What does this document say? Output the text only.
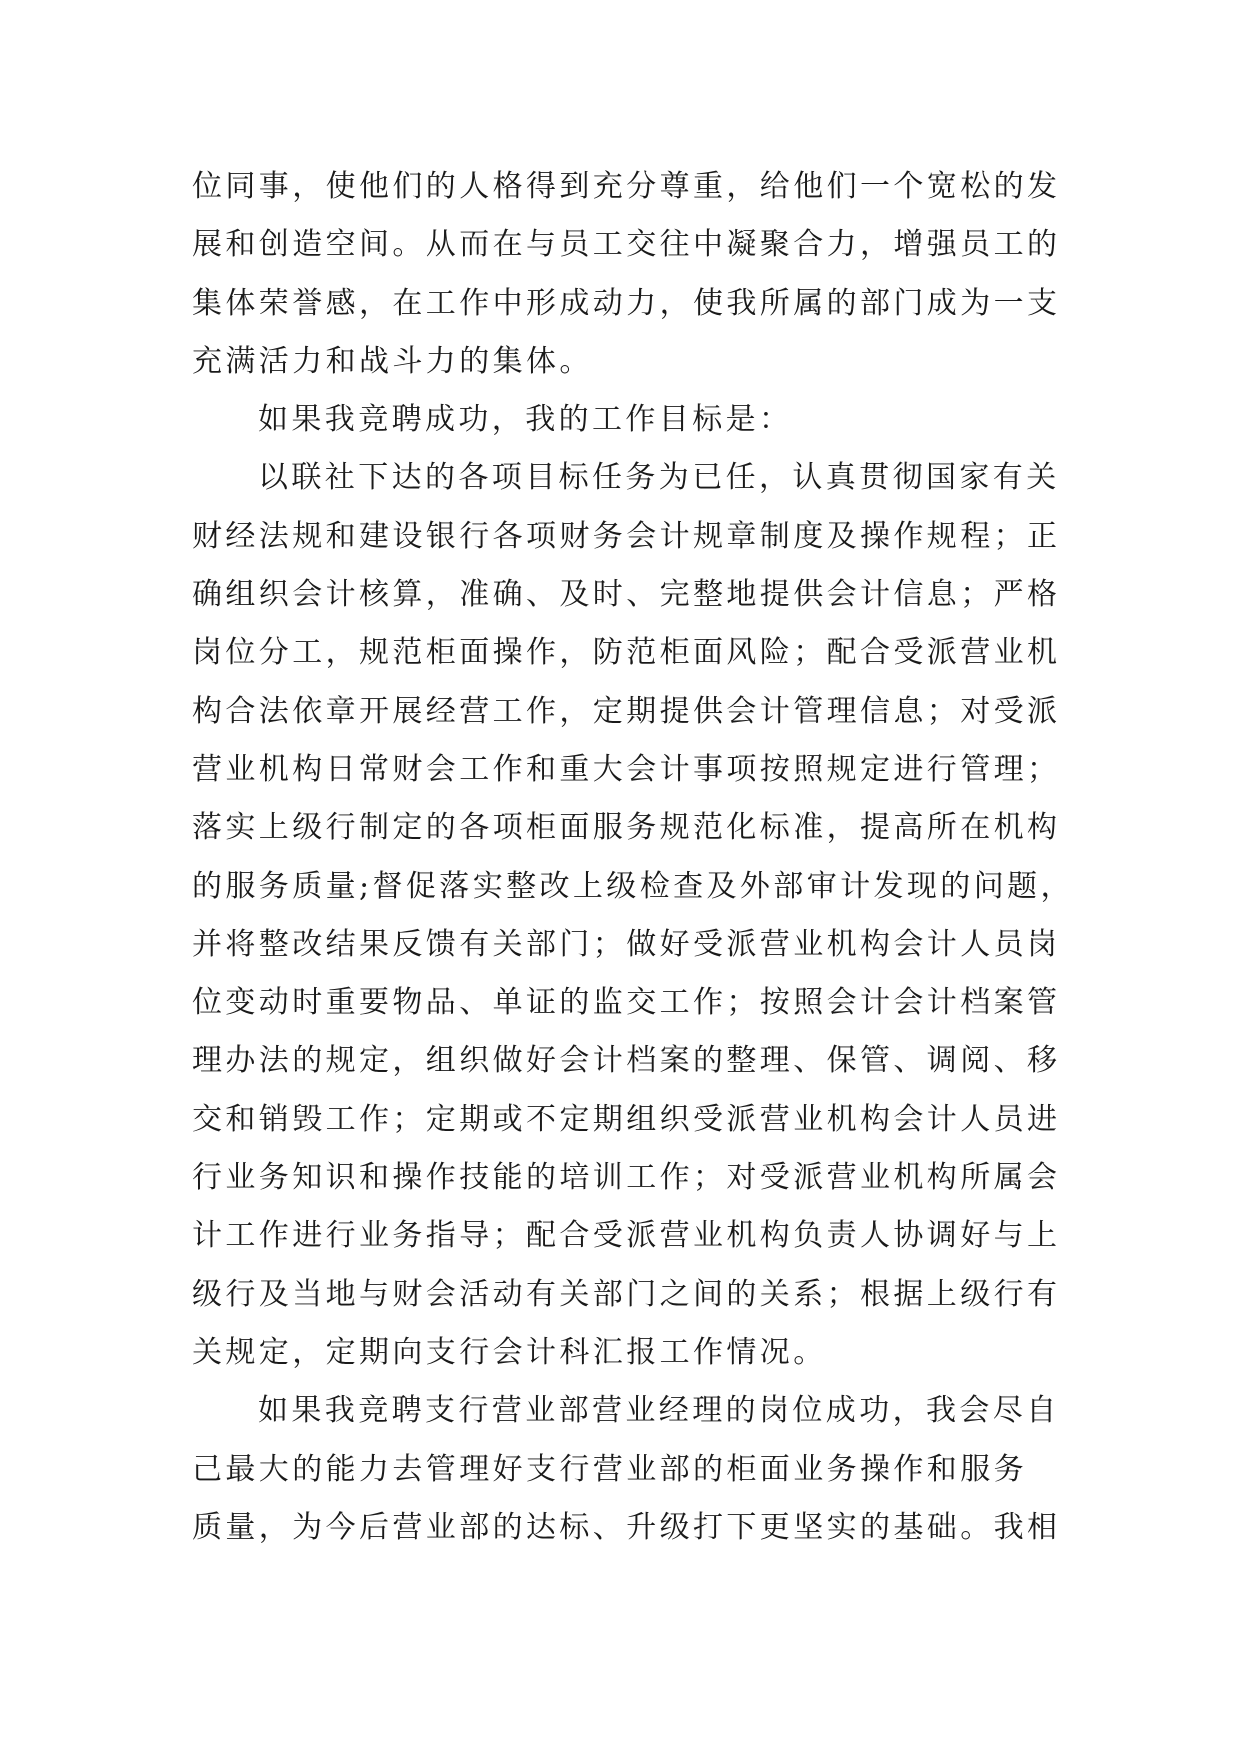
位同事，使他们的人格得到充分尊重，给他们一个宽松的发
展和创造空间。从而在与员工交往中凝聚合力，增强员工的
集体荣誉感，在工作中形成动力，使我所属的部门成为一支
充满活力和战斗力的集体。
如果我竞聘成功，我的工作目标是：
以联社下达的各项目标任务为已任，认真贯彻国家有关
财经法规和建设银行各项财务会计规章制度及操作规程；正
确组织会计核算，准确、及时、完整地提供会计信息；严格
岗位分工，规范柜面操作，防范柜面风险；配合受派营业机
构合法依章开展经营工作，定期提供会计管理信息；对受派
营业机构日常财会工作和重大会计事项按照规定进行管理；
落实上级行制定的各项柜面服务规范化标准，提高所在机构
的服务质量;督促落实整改上级检查及外部审计发现的问题，
并将整改结果反馈有关部门；做好受派营业机构会计人员岗
位变动时重要物品、单证的监交工作；按照会计会计档案管
理办法的规定，组织做好会计档案的整理、保管、调阅、移
交和销毁工作；定期或不定期组织受派营业机构会计人员进
行业务知识和操作技能的培训工作；对受派营业机构所属会
计工作进行业务指导；配合受派营业机构负责人协调好与上
级行及当地与财会活动有关部门之间的关系；根据上级行有
关规定，定期向支行会计科汇报工作情况。
如果我竞聘支行营业部营业经理的岗位成功，我会尽自
己最大的能力去管理好支行营业部的柜面业务操作和服务
质量，为今后营业部的达标、升级打下更坚实的基础。我相
